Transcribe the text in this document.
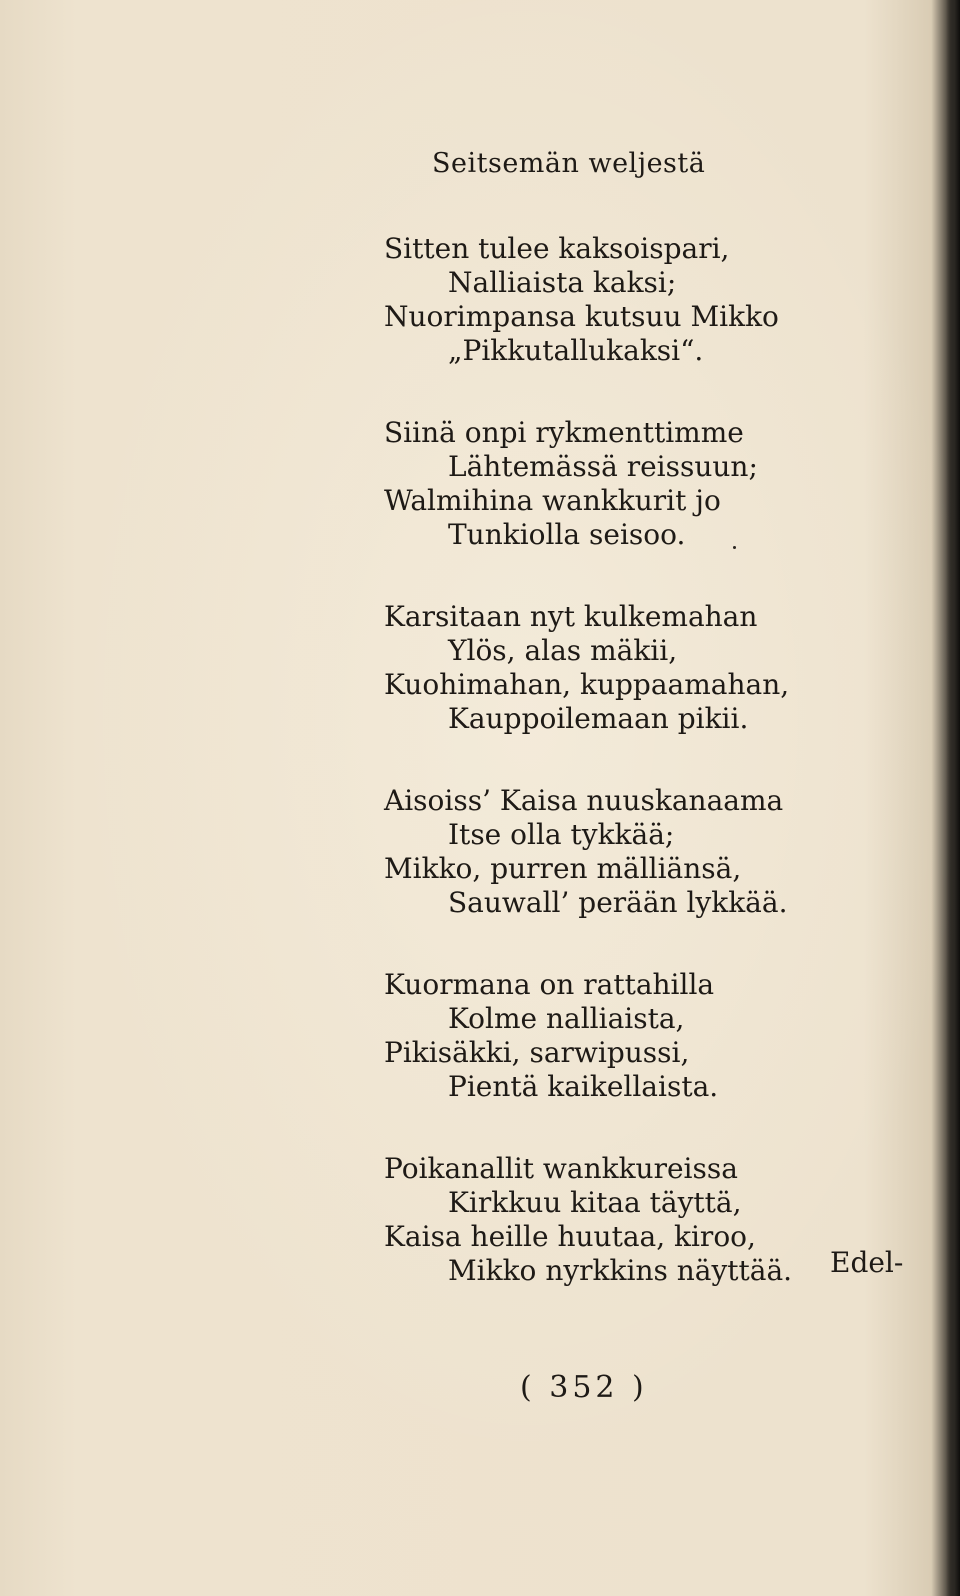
Seitsemän weljestä
Sitten tulee kaksoispari,
Nalliaista kaksi;
Nuorimpansa kutsuu Mikko
„Pikkutallukaksi“.
Siinä onpi rykmenttimme
Lähtemässä reissuun;
Walmihina wankkurit jo
Tunkiolla seisoo.
Karsitaan nyt kulkemahan
Ylös, alas mäkii,
Kuohimahan, kuppaamahan,
Kauppoilemaan pikii.
Aisoiss’ Kaisa nuuskanaama
Itse olla tykkää;
Mikko, purren mälliänsä,
Sauwall’ perään lykkää.
Kuormana on rattahilla
Kolme nalliaista,
Pikisäkki, sarwipussi,
Pientä kaikellaista.
Poikanallit wankkureissa
Kirkkuu kitaa täyttä,
Kaisa heille huutaa, kiroo,
Mikko nyrkkins näyttää.	Edel-
( 352 )
